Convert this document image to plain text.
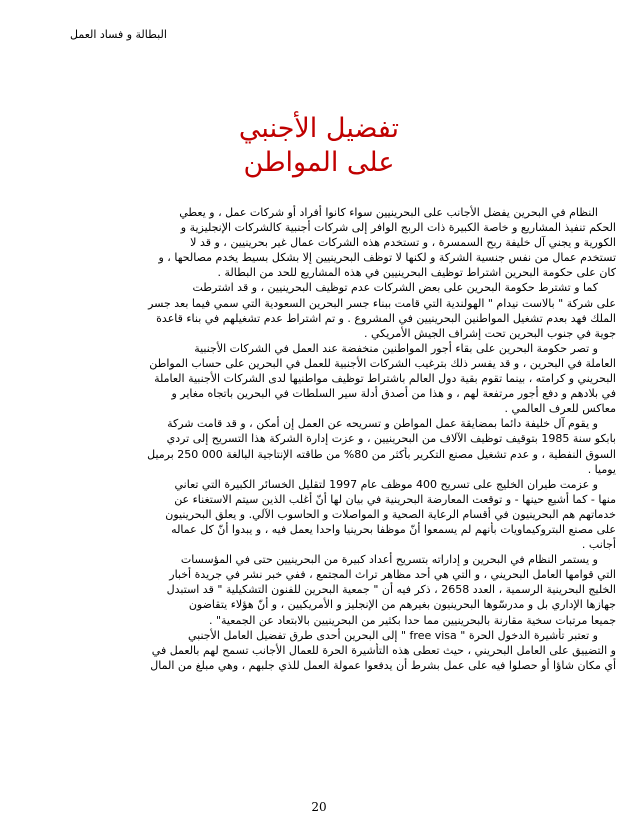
البطالة و فساد العمل

تفضيل الأجنبي

على المواطن

النظام في البحرين يفضل الأجانب على البحرينيين سواء كانوا أفراد أو شركات عمل ، و يعطي
الحكم تنفيذ المشاريع و خاصة الكبيرة ذات الربح الوافر إلى شركات أجنبية كالشركات الإنجليزية و
الكورية و يجني آل خليفة ربح السمسرة ، و تستخدم هذه الشركات عمال غير بحرينيين ، و قد لا
تستخدم عمال من نفس جنسية الشركة و لكنها لا توظف البحرينيين إلا بشكل بسيط يخدم مصالحها ، و
كان على حكومة البحرين اشتراط توظيف البحرينيين في هذه المشاريع للحد من البطالة .
كما و تشترط حكومة البحرين على بعض الشركات عدم توظيف البحرينيين ، و قد اشترطت
على شركة " بالاست نيدام " الهولندية التي قامت ببناء جسر البحرين السعودية التي سمي فيما بعد جسر
الملك فهد بعدم تشغيل المواطنين البحرينيين في المشروع . و تم اشتراط عدم تشغيلهم في بناء قاعدة
جوية في جنوب البحرين تحت إشراف الجيش الأمريكي .
و تصر حكومة البحرين على بقاء أجور المواطنين منخفضة عند العمل في الشركات الأجنبية
العاملة في البحرين ، و قد يفسر ذلك بترغيب الشركات الأجنبية للعمل في البحرين على حساب المواطن
البحريني و كرامته ، بينما تقوم بقية دول العالم باشتراط توظيف مواطنيها لدى الشركات الأجنبية العاملة
في بلادهم و دفع أجور مرتفعة لهم ، و هذا من أصدق أدلة سير السلطات في البحرين باتجاه مغاير و
معاكس للعرف العالمي .
و يقوم آل خليفة دائما بمضايقة عمل المواطن و تسريحه عن العمل إن أمكن ، و قد قامت شركة
بابكو سنة 1985 بتوقيف توظيف الآلاف من البحرينيين ، و عزت إدارة الشركة هذا التسريح إلى تردي
السوق النفطية ، و عدم تشغيل مصنع التكرير بأكثر من 80% من طاقته الإنتاجية البالغة 000 250 برميل
يوميا .
و عزمت طيران الخليج على تسريح 400 موظف عام 1997 لتقليل الخسائر الكبيرة التي تعاني
منها - كما أشيع حينها - و توقعت المعارضة البحرينية في بيان لها أنّ أغلب الذين سيتم الاستغناء عن
خدماتهم هم البحرينيون في أقسام الرعاية الصحية و المواصلات و الحاسوب الآلي. و يعلق البحرينيون
على مصنع البتروكيماويات بأنهم لم يسمعوا أنّ موظفا بحرينيا واحدا يعمل فيه ، و يبدوا أنّ كل عماله
أجانب .
و يستمر النظام في البحرين و إداراته بتسريح أعداد كبيرة من البحرينيين حتى في المؤسسات
التي قوامها العامل البحريني ، و التي هي أحد مظاهر تراث المجتمع ، ففي خبر نشر في جريدة أخبار
الخليج البحرينية الرسمية ، العدد 2658 ، ذكر فيه أن " جمعية البحرين للفنون التشكيلية " قد استبدل
جهازها الإداري بل و مدرسّوها البحرينيون بغيرهم من الإنجليز و الأمريكيين ، و أنّ هؤلاء يتقاضون
جميعا مرتبات سخية مقارنة بالبحرينيين مما حدا بكثير من البحرينيين بالابتعاد عن الجمعية" .
و تعتبر تأشيرة الدخول الحرة " free visa " إلى البحرين أحدى طرق تفضيل العامل الأجنبي
و التضييق على العامل البحريني ، حيث تعطى هذه التأشيرة الحرة للعمال الأجانب تسمح لهم بالعمل في
أي مكان شاؤا أو حصلوا فيه على عمل بشرط أن يدفعوا عمولة العمل للذي جلبهم ، وهي مبلغ من المال
20
